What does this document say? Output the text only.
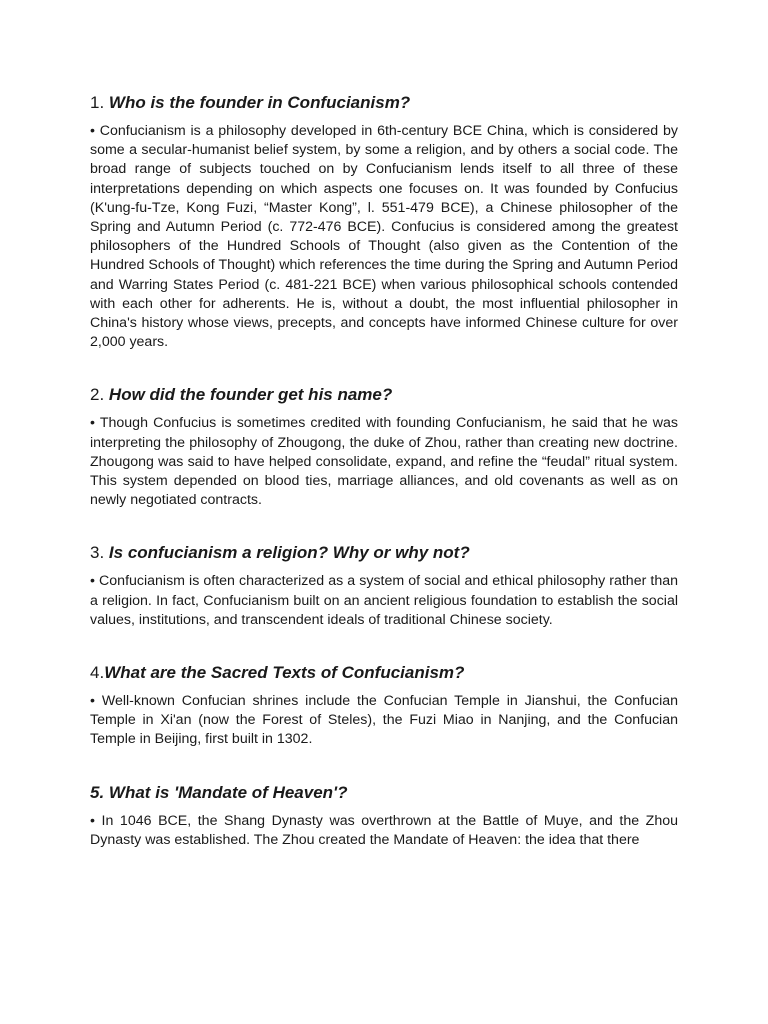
1. Who is the founder in Confucianism?

• Confucianism is a philosophy developed in 6th-century BCE China, which is considered by some a secular-humanist belief system, by some a religion, and by others a social code. The broad range of subjects touched on by Confucianism lends itself to all three of these interpretations depending on which aspects one focuses on. It was founded by Confucius (K'ung-fu-Tze, Kong Fuzi, “Master Kong”, l. 551-479 BCE), a Chinese philosopher of the Spring and Autumn Period (c. 772-476 BCE). Confucius is considered among the greatest philosophers of the Hundred Schools of Thought (also given as the Contention of the Hundred Schools of Thought) which references the time during the Spring and Autumn Period and Warring States Period (c. 481-221 BCE) when various philosophical schools contended with each other for adherents. He is, without a doubt, the most influential philosopher in China's history whose views, precepts, and concepts have informed Chinese culture for over 2,000 years.

2. How did the founder get his name?

• Though Confucius is sometimes credited with founding Confucianism, he said that he was interpreting the philosophy of Zhougong, the duke of Zhou, rather than creating new doctrine. Zhougong was said to have helped consolidate, expand, and refine the “feudal” ritual system. This system depended on blood ties, marriage alliances, and old covenants as well as on newly negotiated contracts.

3. Is confucianism a religion? Why or why not?

• Confucianism is often characterized as a system of social and ethical philosophy rather than a religion. In fact, Confucianism built on an ancient religious foundation to establish the social values, institutions, and transcendent ideals of traditional Chinese society.

4.What are the Sacred Texts of Confucianism?

• Well-known Confucian shrines include the Confucian Temple in Jianshui, the Confucian Temple in Xi'an (now the Forest of Steles), the Fuzi Miao in Nanjing, and the Confucian Temple in Beijing, first built in 1302.

5. What is 'Mandate of Heaven'?

• In 1046 BCE, the Shang Dynasty was overthrown at the Battle of Muye, and the Zhou Dynasty was established. The Zhou created the Mandate of Heaven: the idea that there
